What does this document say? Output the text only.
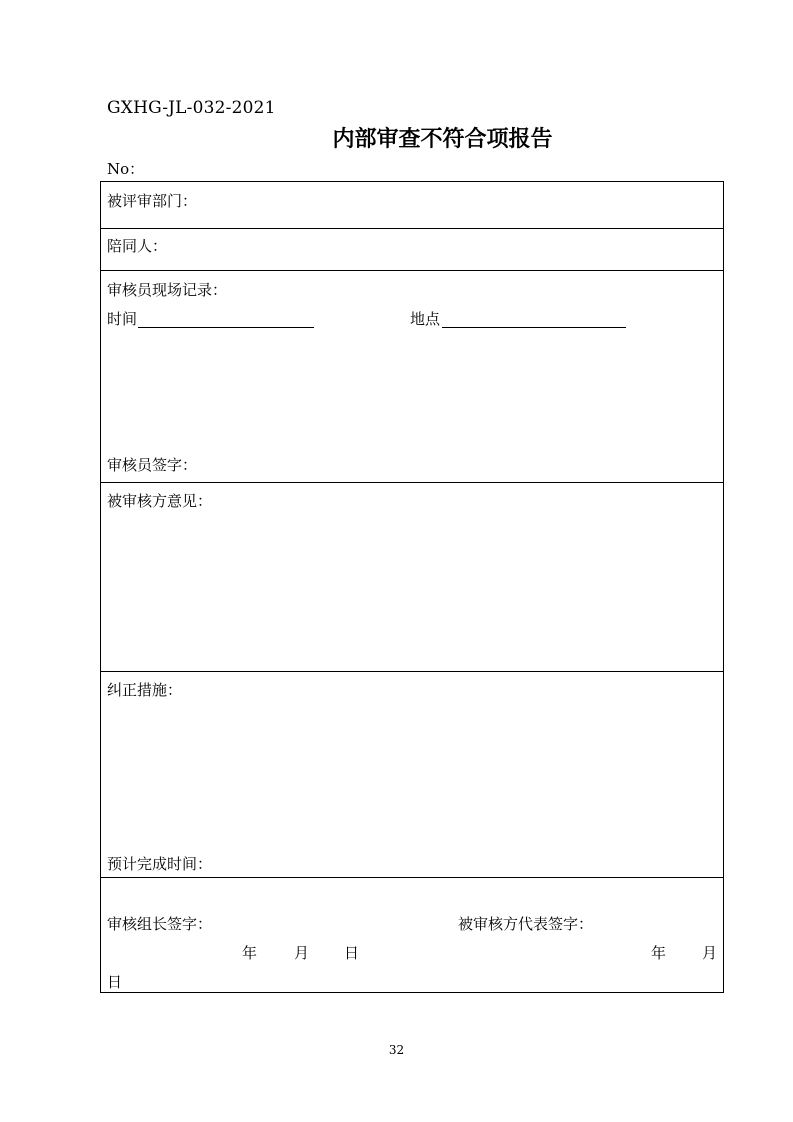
GXHG-JL-032-2021
内部审查不符合项报告
No：
被评审部门：
陪同人：
审核员现场记录：
时间	地点
审核员签字：
被审核方意见：
纠正措施：
预计完成时间：
审核组长签字：	被审核方代表签字：
年 月 日	年 月
日
32
